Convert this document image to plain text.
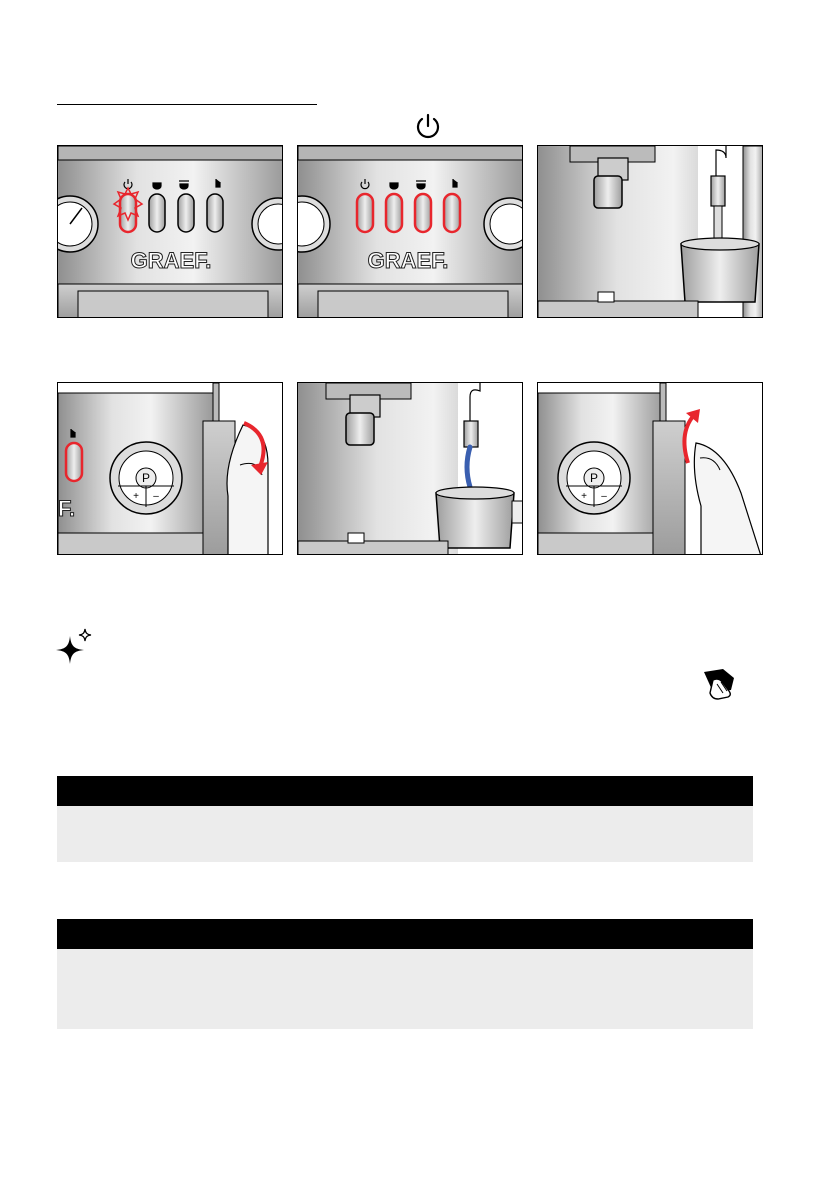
GRAEF.	GRAEF.
P
+ –
F.
P
+ –
